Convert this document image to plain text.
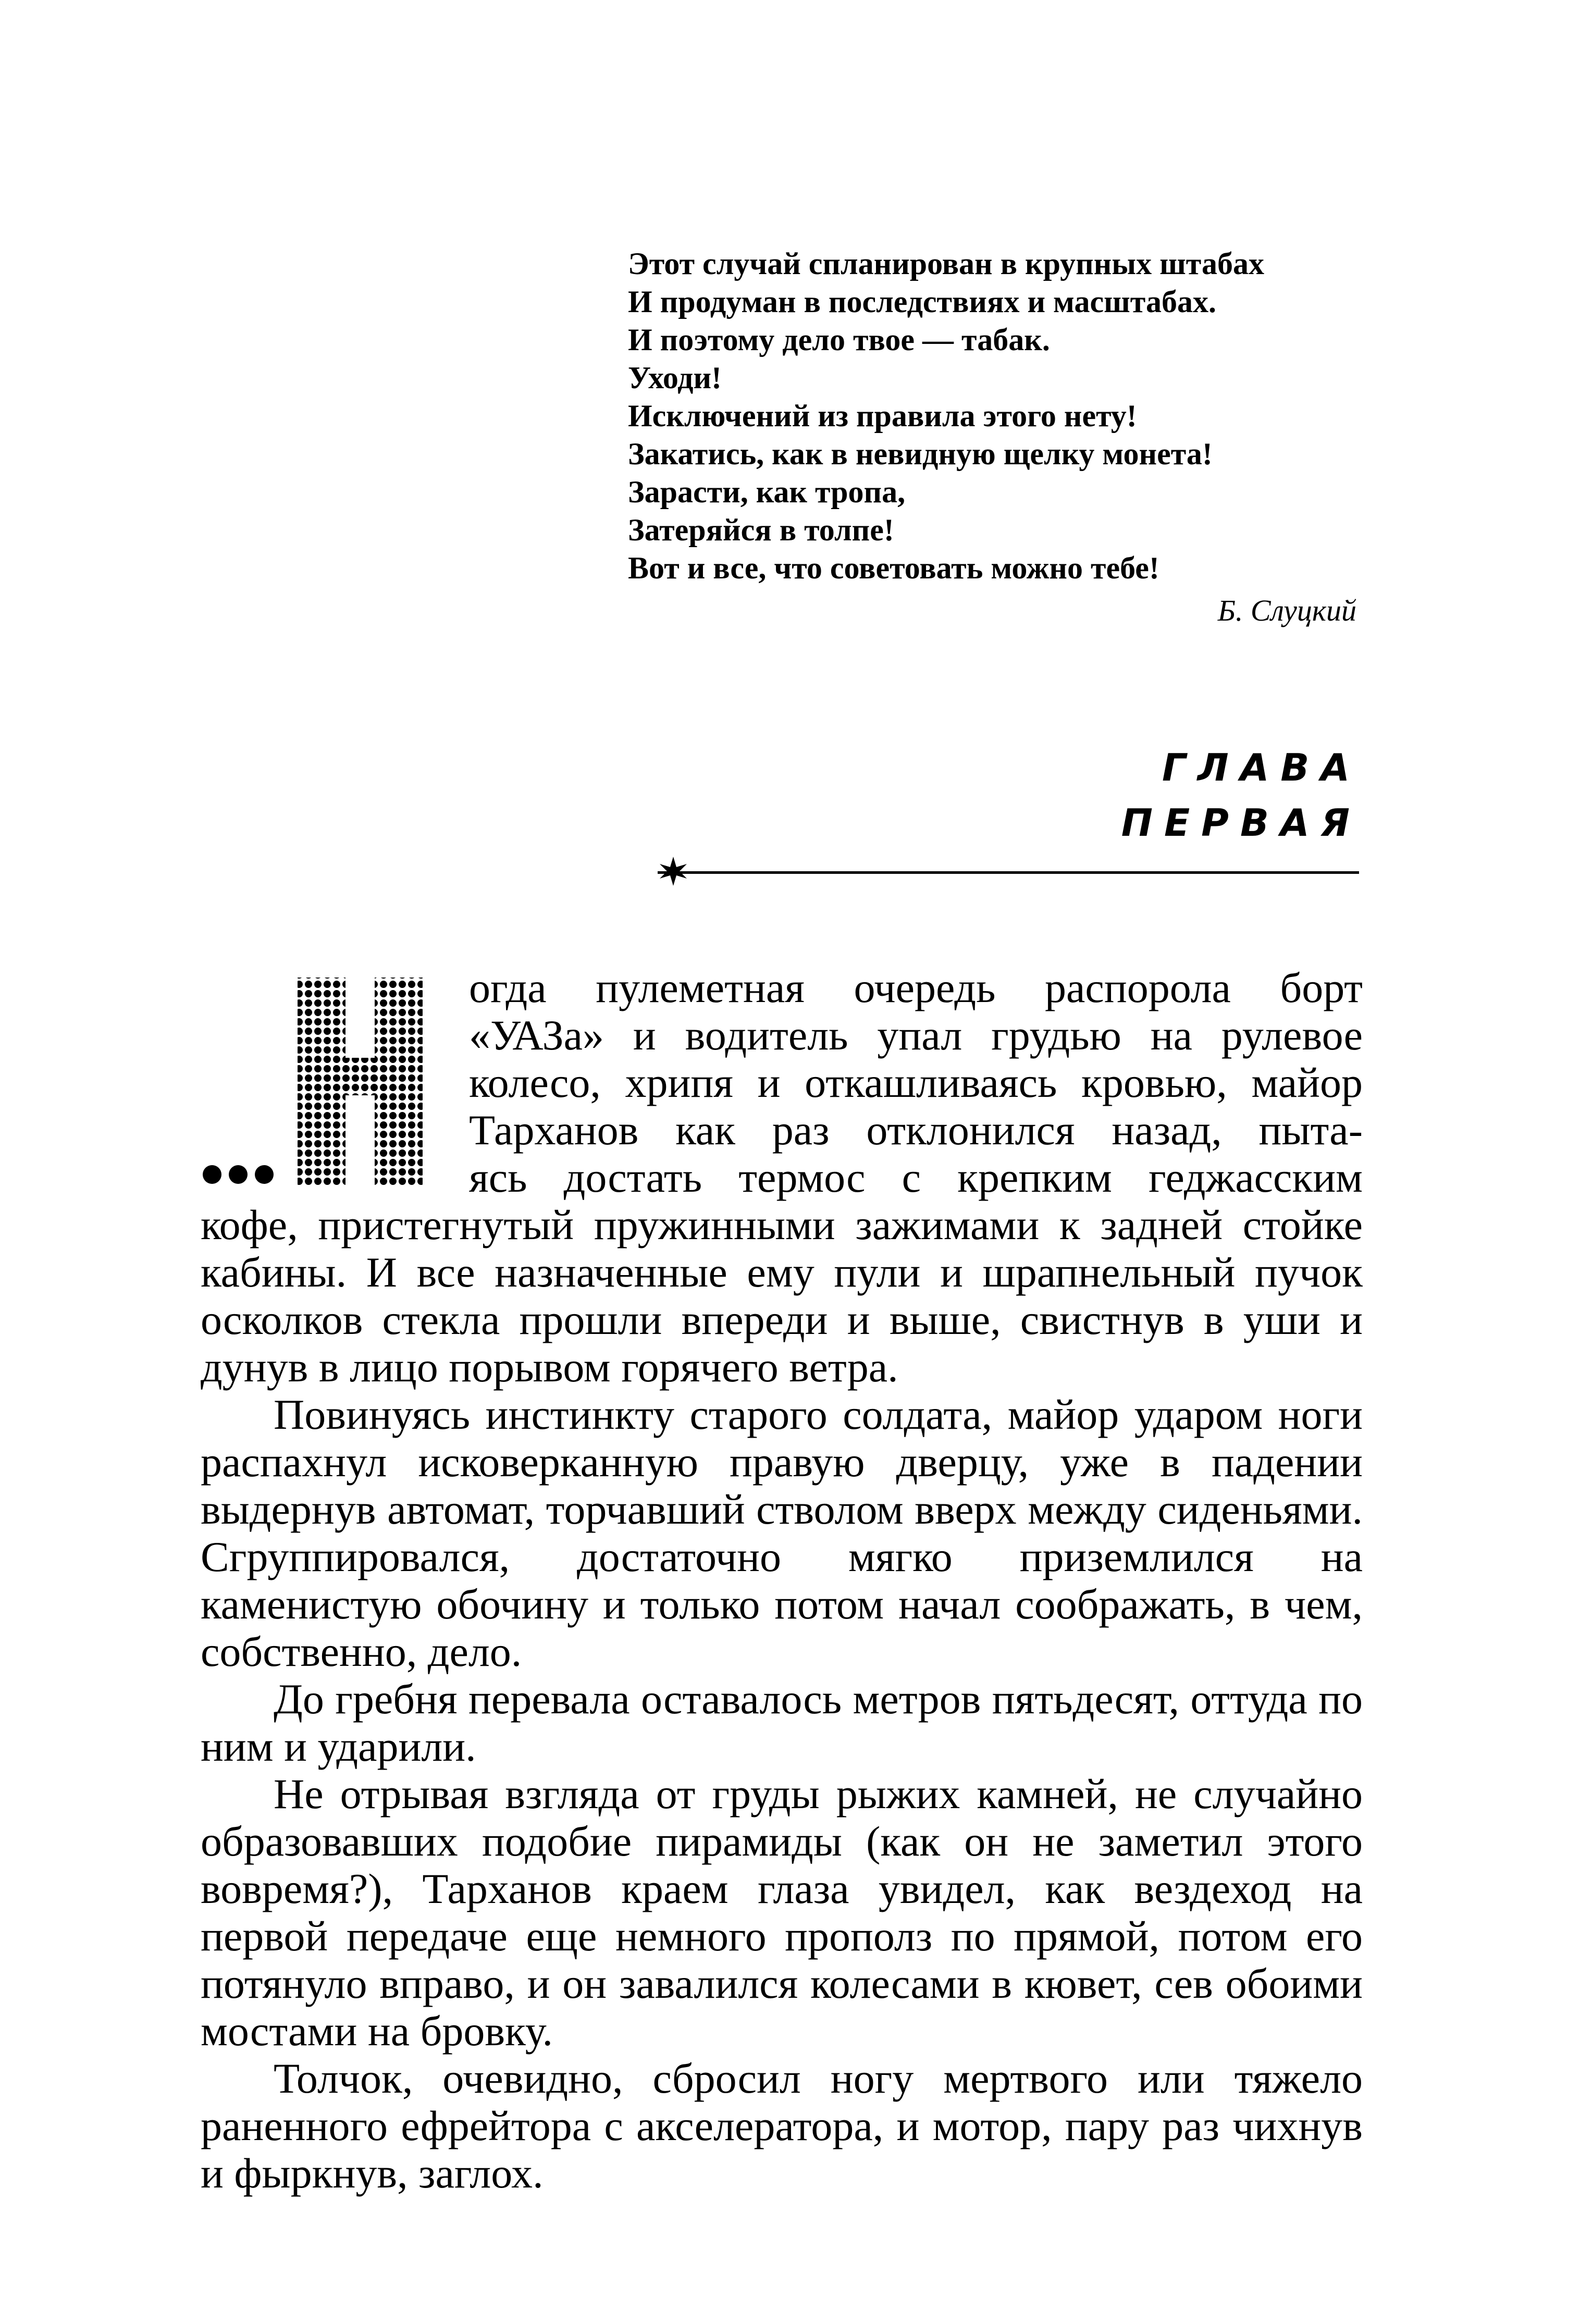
Этот случай спланирован в крупных штабах
И продуман в последствиях и масштабах.
И поэтому дело твое — табак.
Уходи!
Исключений из правила этого нету!
Закатись, как в невидную щелку монета!
Зарасти, как тропа,
Затеряйся в толпе!
Вот и все, что советовать можно тебе!
Б. Слуцкий
ГЛАВА
ПЕРВАЯ
Н	огда пулеметная очередь распорола борт
«УАЗа» и водитель упал грудью на рулевое
колесо, хрипя и откашливаясь кровью, майор
Тарханов как раз отклонился назад, пыта-
ясь достать термос с крепким геджасским
кофе, пристегнутый пружинными зажимами к задней стойке кабины. И все назначенные ему пули и шрапнельный пучок осколков стекла прошли впереди и выше, свистнув в уши и дунув в лицо порывом горячего ветра.

Повинуясь инстинкту старого солдата, майор ударом ноги распахнул исковерканную правую дверцу, уже в падении выдернув автомат, торчавший стволом вверх между сиденьями. Сгруппировался, достаточно мягко приземлился на каменистую обочину и только потом начал соображать, в чем, собственно, дело.

До гребня перевала оставалось метров пятьдесят, оттуда по ним и ударили.

Не отрывая взгляда от груды рыжих камней, не случайно образовавших подобие пирамиды (как он не заметил этого вовремя?), Тарханов краем глаза увидел, как вездеход на первой передаче еще немного прополз по прямой, потом его потянуло вправо, и он завалился колесами в кювет, сев обоими мостами на бровку.

Толчок, очевидно, сбросил ногу мертвого или тяжело раненного ефрейтора с акселератора, и мотор, пару раз чихнув и фыркнув, заглох.
